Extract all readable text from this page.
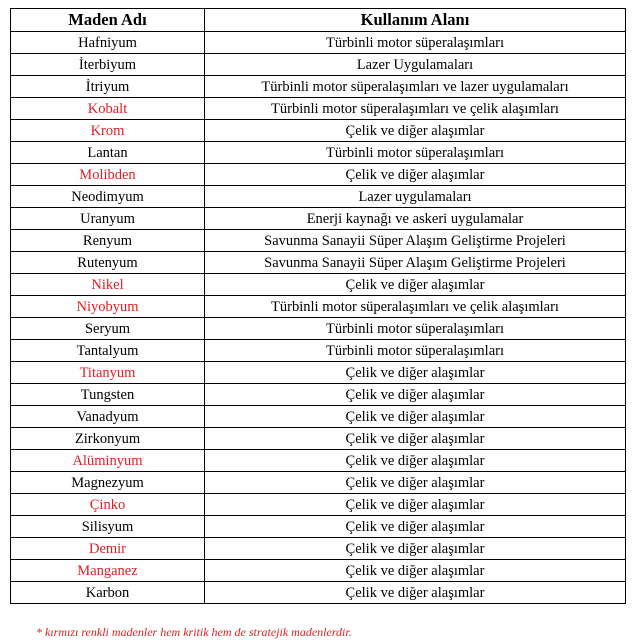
Maden Adı	Kullanım Alanı
Hafniyum	Türbinli motor süperalaşımları
İterbiyum	Lazer Uygulamaları
İtriyum	Türbinli motor süperalaşımları ve lazer uygulamaları
Kobalt	Türbinli motor süperalaşımları ve çelik alaşımları
Krom	Çelik ve diğer alaşımlar
Lantan	Türbinli motor süperalaşımları
Molibden	Çelik ve diğer alaşımlar
Neodimyum	Lazer uygulamaları
Uranyum	Enerji kaynağı ve askeri uygulamalar
Renyum	Savunma Sanayii Süper Alaşım Geliştirme Projeleri
Rutenyum	Savunma Sanayii Süper Alaşım Geliştirme Projeleri
Nikel	Çelik ve diğer alaşımlar
Niyobyum	Türbinli motor süperalaşımları ve çelik alaşımları
Seryum	Türbinli motor süperalaşımları
Tantalyum	Türbinli motor süperalaşımları
Titanyum	Çelik ve diğer alaşımlar
Tungsten	Çelik ve diğer alaşımlar
Vanadyum	Çelik ve diğer alaşımlar
Zirkonyum	Çelik ve diğer alaşımlar
Alüminyum	Çelik ve diğer alaşımlar
Magnezyum	Çelik ve diğer alaşımlar
Çinko	Çelik ve diğer alaşımlar
Silisyum	Çelik ve diğer alaşımlar
Demir	Çelik ve diğer alaşımlar
Manganez	Çelik ve diğer alaşımlar
Karbon	Çelik ve diğer alaşımlar
* kırmızı renkli madenler hem kritik hem de stratejik madenlerdir.
